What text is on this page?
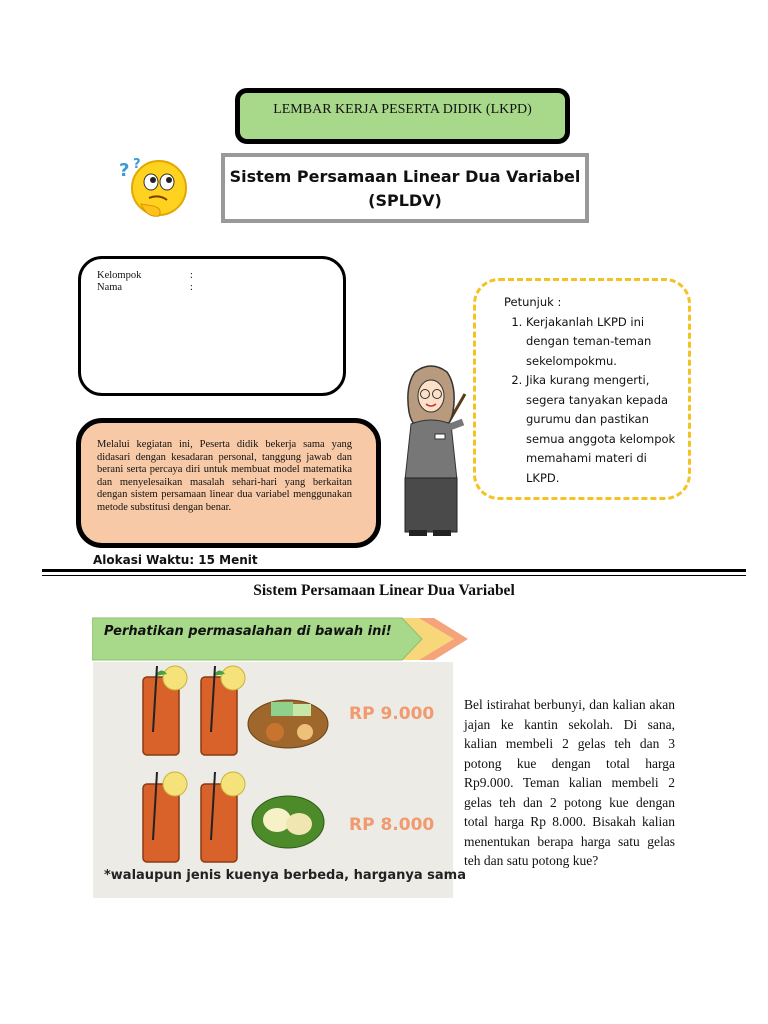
LEMBAR KERJA PESERTA DIDIK (LKPD)
? ?
Sistem Persamaan Linear Dua Variabel
(SPLDV)
Kelompok	:
Nama	:
Melalui kegiatan ini, Peserta didik bekerja sama yang didasari dengan kesadaran personal, tanggung jawab dan berani serta percaya diri untuk membuat model matematika dan menyelesaikan masalah sehari-hari yang berkaitan dengan sistem persamaan linear dua variabel menggunakan metode substitusi dengan benar.
Petunjuk :
1. Kerjakanlah LKPD ini dengan teman-teman sekelompokmu.
2. Jika kurang mengerti, segera tanyakan kepada gurumu dan pastikan semua anggota kelompok memahami materi di LKPD.
Alokasi Waktu: 15 Menit
Sistem Persamaan Linear Dua Variabel
Perhatikan permasalahan di bawah ini!
RP 9.000
RP 8.000
*walaupun jenis kuenya berbeda, harganya sama
Bel istirahat berbunyi, dan kalian akan jajan ke kantin sekolah. Di sana, kalian membeli 2 gelas teh dan 3 potong kue dengan total harga Rp9.000. Teman kalian membeli 2 gelas teh dan 2 potong kue dengan total harga Rp 8.000. Bisakah kalian menentukan berapa harga satu gelas teh dan satu potong kue?
